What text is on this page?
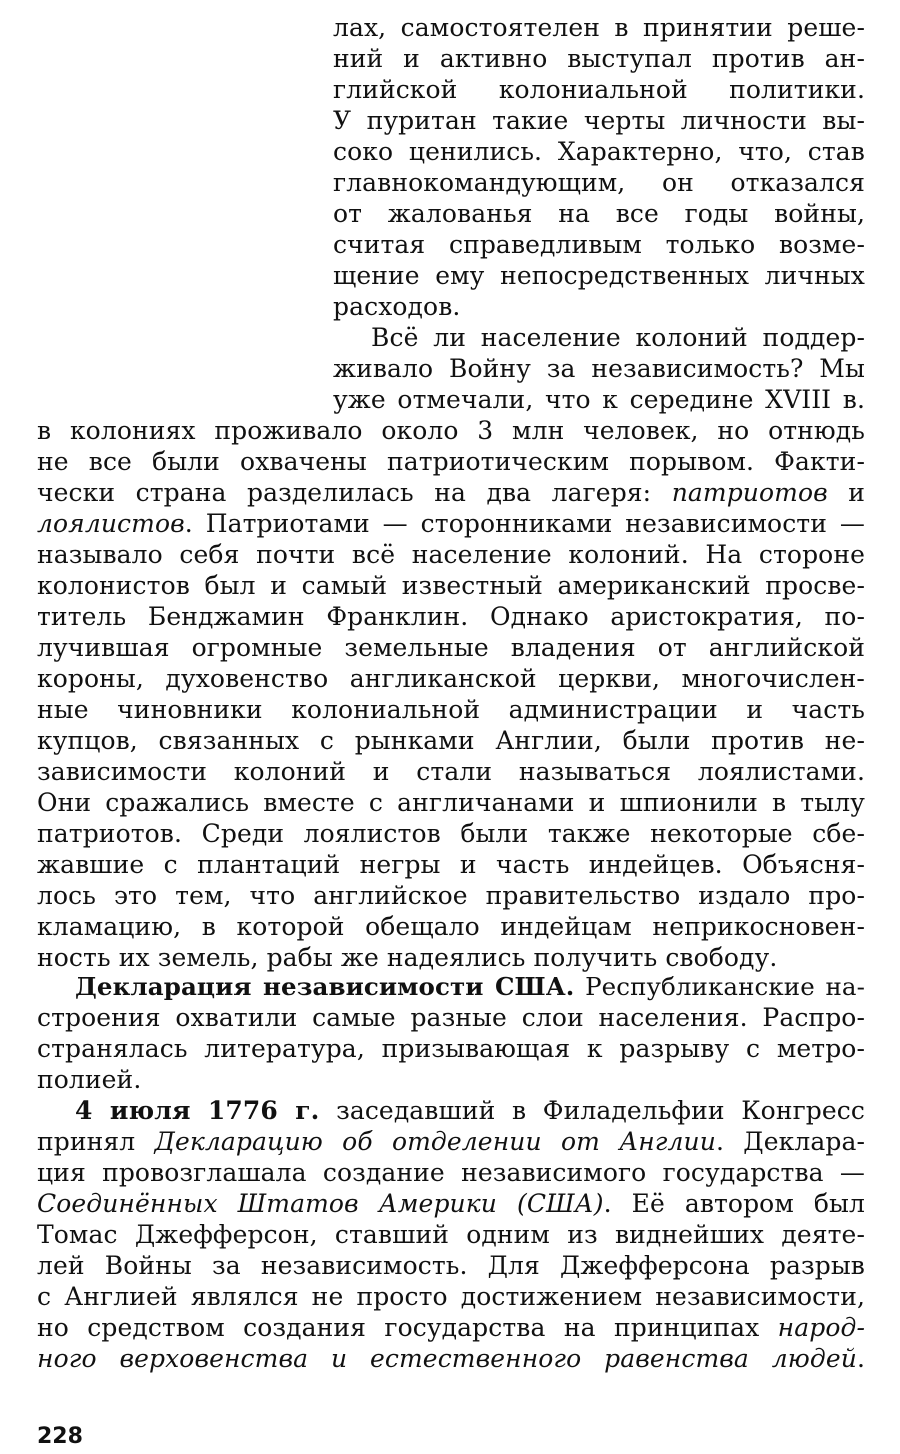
лах, самостоятелен в принятии реше-
ний и активно выступал против ан-
глийской колониальной политики.
У пуритан такие черты личности вы-
соко ценились. Характерно, что, став
главнокомандующим, он отказался
от жалованья на все годы войны,
считая справедливым только возме-
щение ему непосредственных личных
расходов.
Всё ли население колоний поддер-
живало Войну за независимость? Мы
уже отмечали, что к середине XVIII в.
в колониях проживало около 3 млн человек, но отнюдь
не все были охвачены патриотическим порывом. Факти-
чески страна разделилась на два лагеря: патриотов и
лоялистов. Патриотами — сторонниками независимости —
называло себя почти всё население колоний. На стороне
колонистов был и самый известный американский просве-
титель Бенджамин Франклин. Однако аристократия, по-
лучившая огромные земельные владения от английской
короны, духовенство англиканской церкви, многочислен-
ные чиновники колониальной администрации и часть
купцов, связанных с рынками Англии, были против не-
зависимости колоний и стали называться лоялистами.
Они сражались вместе с англичанами и шпионили в тылу
патриотов. Среди лоялистов были также некоторые сбе-
жавшие с плантаций негры и часть индейцев. Объясня-
лось это тем, что английское правительство издало про-
кламацию, в которой обещало индейцам неприкосновен-
ность их земель, рабы же надеялись получить свободу.
Декларация независимости США. Республиканские на-
строения охватили самые разные слои населения. Распро-
странялась литература, призывающая к разрыву с метро-
полией.
4 июля 1776 г. заседавший в Филадельфии Конгресс
принял Декларацию об отделении от Англии. Деклара-
ция провозглашала создание независимого государства —
Соединённых Штатов Америки (США). Её автором был
Томас Джефферсон, ставший одним из виднейших деяте-
лей Войны за независимость. Для Джефферсона разрыв
с Англией являлся не просто достижением независимости,
но средством создания государства на принципах народ-
ного верховенства и естественного равенства людей.
228
